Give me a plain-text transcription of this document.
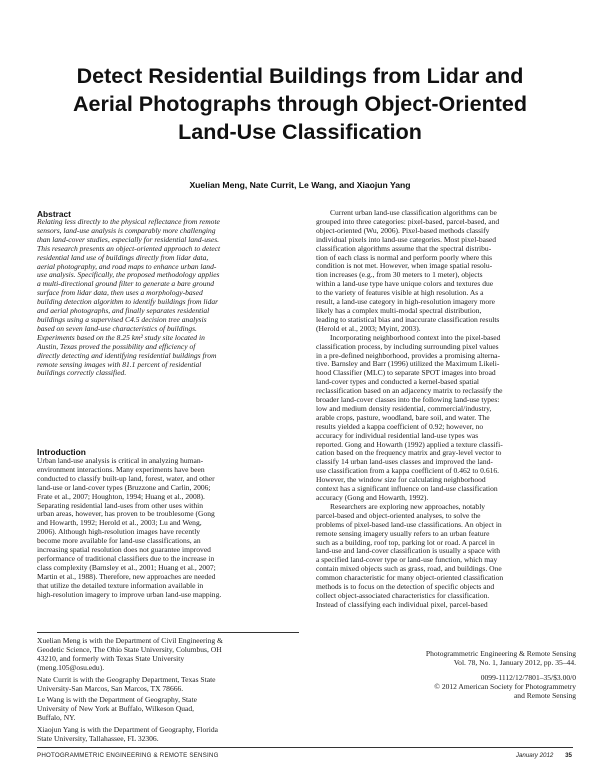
Detect Residential Buildings from Lidar and
Aerial Photographs through Object-Oriented
Land-Use Classification
Xuelian Meng, Nate Currit, Le Wang, and Xiaojun Yang
Abstract
Relating less directly to the physical reflectance from remote
sensors, land-use analysis is comparably more challenging
than land-cover studies, especially for residential land-uses.
This research presents an object-oriented approach to detect
residential land use of buildings directly from lidar data,
aerial photography, and road maps to enhance urban land-
use analysis. Specifically, the proposed methodology applies
a multi-directional ground filter to generate a bare ground
surface from lidar data, then uses a morphology-based
building detection algorithm to identify buildings from lidar
and aerial photographs, and finally separates residential
buildings using a supervised C4.5 decision tree analysis
based on seven land-use characteristics of buildings.
Experiments based on the 8.25 km² study site located in
Austin, Texas proved the possibility and efficiency of
directly detecting and identifying residential buildings from
remote sensing images with 81.1 percent of residential
buildings correctly classified.
Introduction
Urban land-use analysis is critical in analyzing human-
environment interactions. Many experiments have been
conducted to classify built-up land, forest, water, and other
land-use or land-cover types (Bruzzone and Carlin, 2006;
Frate et al., 2007; Houghton, 1994; Huang et al., 2008).
Separating residential land-uses from other uses within
urban areas, however, has proven to be troublesome (Gong
and Howarth, 1992; Herold et al., 2003; Lu and Weng,
2006). Although high-resolution images have recently
become more available for land-use classifications, an
increasing spatial resolution does not guarantee improved
performance of traditional classifiers due to the increase in
class complexity (Barnsley et al., 2001; Huang et al., 2007;
Martin et al., 1988). Therefore, new approaches are needed
that utilize the detailed texture information available in
high-resolution imagery to improve urban land-use mapping.
Current urban land-use classification algorithms can be
grouped into three categories: pixel-based, parcel-based, and
object-oriented (Wu, 2006). Pixel-based methods classify
individual pixels into land-use categories. Most pixel-based
classification algorithms assume that the spectral distribu-
tion of each class is normal and perform poorly where this
condition is not met. However, when image spatial resolu-
tion increases (e.g., from 30 meters to 1 meter), objects
within a land-use type have unique colors and textures due
to the variety of features visible at high resolution. As a
result, a land-use category in high-resolution imagery more
likely has a complex multi-modal spectral distribution,
leading to statistical bias and inaccurate classification results
(Herold et al., 2003; Myint, 2003).
Incorporating neighborhood context into the pixel-based
classification process, by including surrounding pixel values
in a pre-defined neighborhood, provides a promising alterna-
tive. Barnsley and Barr (1996) utilized the Maximum Likeli-
hood Classifier (MLC) to separate SPOT images into broad
land-cover types and conducted a kernel-based spatial
reclassification based on an adjacency matrix to reclassify the
broader land-cover classes into the following land-use types:
low and medium density residential, commercial/industry,
arable crops, pasture, woodland, bare soil, and water. The
results yielded a kappa coefficient of 0.92; however, no
accuracy for individual residential land-use types was
reported. Gong and Howarth (1992) applied a texture classifi-
cation based on the frequency matrix and gray-level vector to
classify 14 urban land-uses classes and improved the land-
use classification from a kappa coefficient of 0.462 to 0.616.
However, the window size for calculating neighborhood
context has a significant influence on land-use classification
accuracy (Gong and Howarth, 1992).
Researchers are exploring new approaches, notably
parcel-based and object-oriented analyses, to solve the
problems of pixel-based land-use classifications. An object in
remote sensing imagery usually refers to an urban feature
such as a building, roof top, parking lot or road. A parcel in
land-use and land-cover classification is usually a space with
a specified land-cover type or land-use function, which may
contain mixed objects such as grass, road, and buildings. One
common characteristic for many object-oriented classification
methods is to focus on the detection of specific objects and
collect object-associated characteristics for classification.
Instead of classifying each individual pixel, parcel-based
Xuelian Meng is with the Department of Civil Engineering &
Geodetic Science, The Ohio State University, Columbus, OH
43210, and formerly with Texas State University
(meng.105@osu.edu).
Nate Currit is with the Geography Department, Texas State
University-San Marcos, San Marcos, TX 78666.
Le Wang is with the Department of Geography, State
University of New York at Buffalo, Wilkeson Quad,
Buffalo, NY.
Xiaojun Yang is with the Department of Geography, Florida
State University, Tallahassee, FL 32306.
Photogrammetric Engineering & Remote Sensing
Vol. 78, No. 1, January 2012, pp. 35–44.
0099-1112/12/7801–35/$3.00/0
© 2012 American Society for Photogrammetry
and Remote Sensing
PHOTOGRAMMETRIC ENGINEERING & REMOTE SENSING	January 2012 35
